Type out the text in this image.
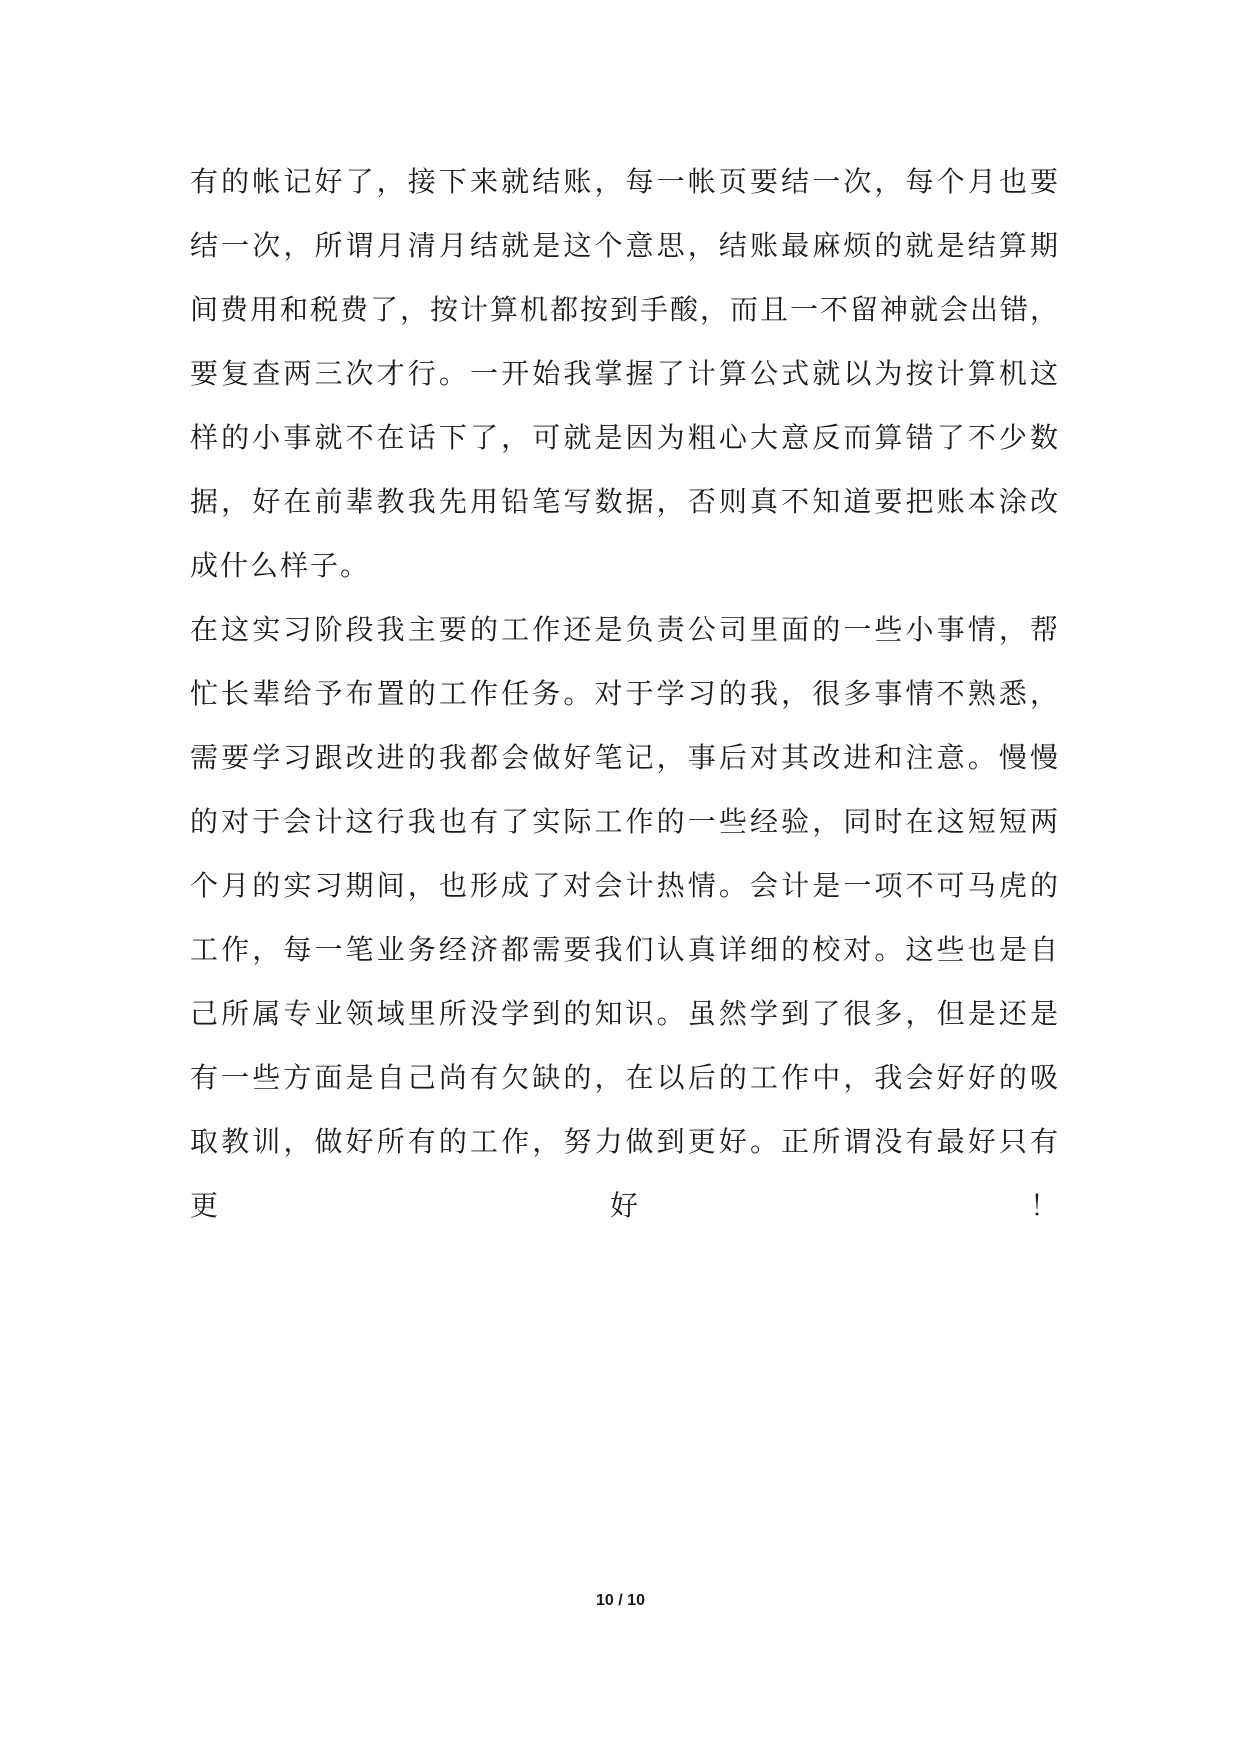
有的帐记好了，接下来就结账，每一帐页要结一次，每个月也要
结一次，所谓月清月结就是这个意思，结账最麻烦的就是结算期
间费用和税费了，按计算机都按到手酸，而且一不留神就会出错，
要复查两三次才行。一开始我掌握了计算公式就以为按计算机这
样的小事就不在话下了，可就是因为粗心大意反而算错了不少数
据，好在前辈教我先用铅笔写数据，否则真不知道要把账本涂改
成什么样子。
在这实习阶段我主要的工作还是负责公司里面的一些小事情，帮
忙长辈给予布置的工作任务。对于学习的我，很多事情不熟悉，
需要学习跟改进的我都会做好笔记，事后对其改进和注意。慢慢
的对于会计这行我也有了实际工作的一些经验，同时在这短短两
个月的实习期间，也形成了对会计热情。会计是一项不可马虎的
工作，每一笔业务经济都需要我们认真详细的校对。这些也是自
己所属专业领域里所没学到的知识。虽然学到了很多，但是还是
有一些方面是自己尚有欠缺的，在以后的工作中，我会好好的吸
取教训，做好所有的工作，努力做到更好。正所谓没有最好只有
更好！
10 / 10
